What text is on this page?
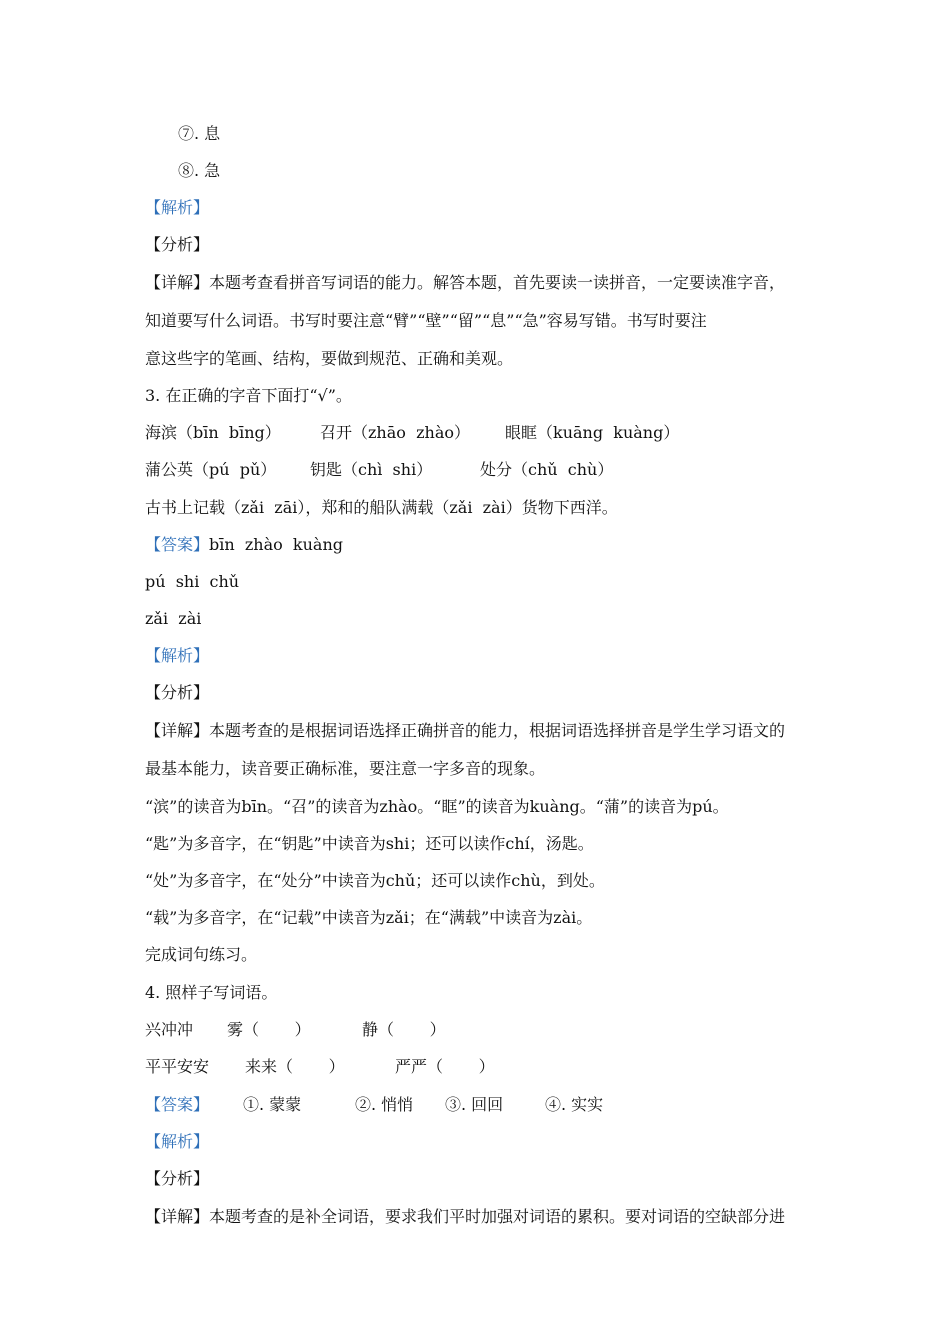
⑦. 息
⑧. 急
【解析】
【分析】
【详解】本题考查看拼音写词语的能力。解答本题，首先要读一读拼音，一定要读准字音，
知道要写什么词语。书写时要注意“臂”“壁”“留”“息”“急”容易写错。书写时要注
意这些字的笔画、结构，要做到规范、正确和美观。
3. 在正确的字音下面打“√”。
海滨（bīn  bīng） 召开（zhāo  zhào） 眼眶（kuāng  kuàng）
蒲公英（pú  pǔ） 钥匙（chì  shi）	处分（chǔ  chù）
古书上记载（zǎi  zāi），郑和的船队满载（zǎi  zài）货物下西洋。
【答案】bīn  zhào  kuàng
pú  shi  chǔ
zǎi  zài
【解析】
【分析】
【详解】本题考查的是根据词语选择正确拼音的能力，根据词语选择拼音是学生学习语文的
最基本能力，读音要正确标准，要注意一字多音的现象。
“滨”的读音为bīn。“召”的读音为zhào。“眶”的读音为kuàng。“蒲”的读音为pú。
“匙”为多音字，在“钥匙”中读音为shi；还可以读作chí，汤匙。
“处”为多音字，在“处分”中读音为chǔ；还可以读作chù，到处。
“载”为多音字，在“记载”中读音为zǎi；在“满载”中读音为zài。
完成词句练习。
4. 照样子写词语。
兴冲冲 雾（       ）	静（       ）
平平安安 来来（       ）	严严（       ）
【答案】 ①. 蒙蒙	②. 悄悄 ③. 回回	④. 实实
【解析】
【分析】
【详解】本题考查的是补全词语，要求我们平时加强对词语的累积。要对词语的空缺部分进
